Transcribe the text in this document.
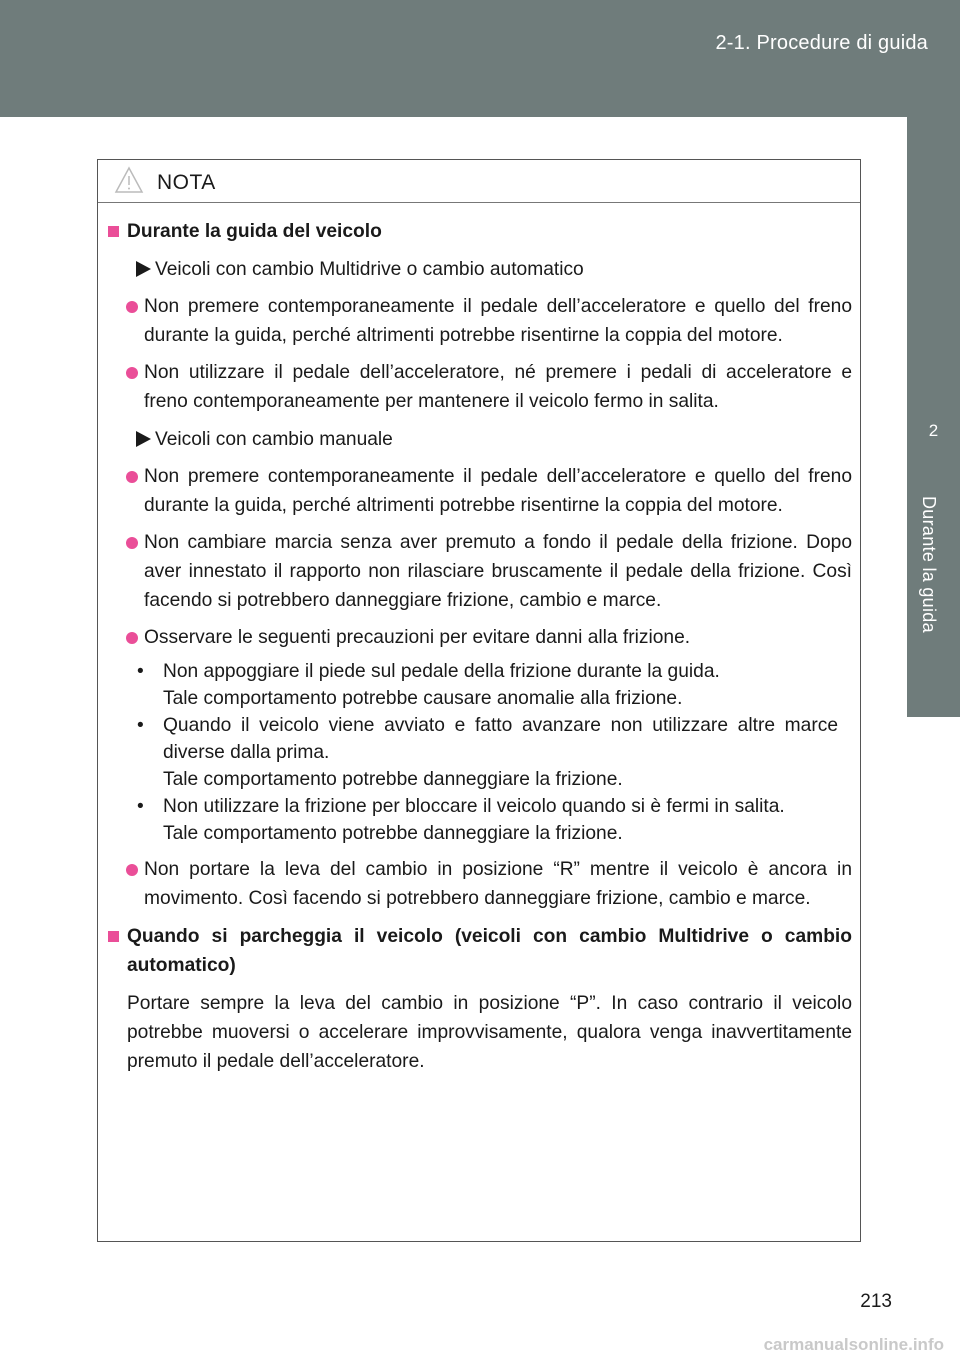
2-1. Procedure di guida
2
Durante la guida
NOTA
Durante la guida del veicolo
Veicoli con cambio Multidrive o cambio automatico
Non premere contemporaneamente il pedale dell’acceleratore e quello del freno durante la guida, perché altrimenti potrebbe risentirne la coppia del motore.
Non utilizzare il pedale dell’acceleratore, né premere i pedali di acceleratore e freno contemporaneamente per mantenere il veicolo fermo in salita.
Veicoli con cambio manuale
Non premere contemporaneamente il pedale dell’acceleratore e quello del freno durante la guida, perché altrimenti potrebbe risentirne la coppia del motore.
Non cambiare marcia senza aver premuto a fondo il pedale della frizione. Dopo aver innestato il rapporto non rilasciare bruscamente il pedale della frizione. Così facendo si potrebbero danneggiare frizione, cambio e marce.
Osservare le seguenti precauzioni per evitare danni alla frizione.
• Non appoggiare il piede sul pedale della frizione durante la guida.
Tale comportamento potrebbe causare anomalie alla frizione.
• Quando il veicolo viene avviato e fatto avanzare non utilizzare altre marce diverse dalla prima.
Tale comportamento potrebbe danneggiare la frizione.
• Non utilizzare la frizione per bloccare il veicolo quando si è fermi in salita.
Tale comportamento potrebbe danneggiare la frizione.
Non portare la leva del cambio in posizione “R” mentre il veicolo è ancora in movimento. Così facendo si potrebbero danneggiare frizione, cambio e marce.
Quando si parcheggia il veicolo (veicoli con cambio Multidrive o cambio automatico)
Portare sempre la leva del cambio in posizione “P”. In caso contrario il veicolo potrebbe muoversi o accelerare improvvisamente, qualora venga inavvertitamente premuto il pedale dell’acceleratore.
213
carmanualsonline.info
